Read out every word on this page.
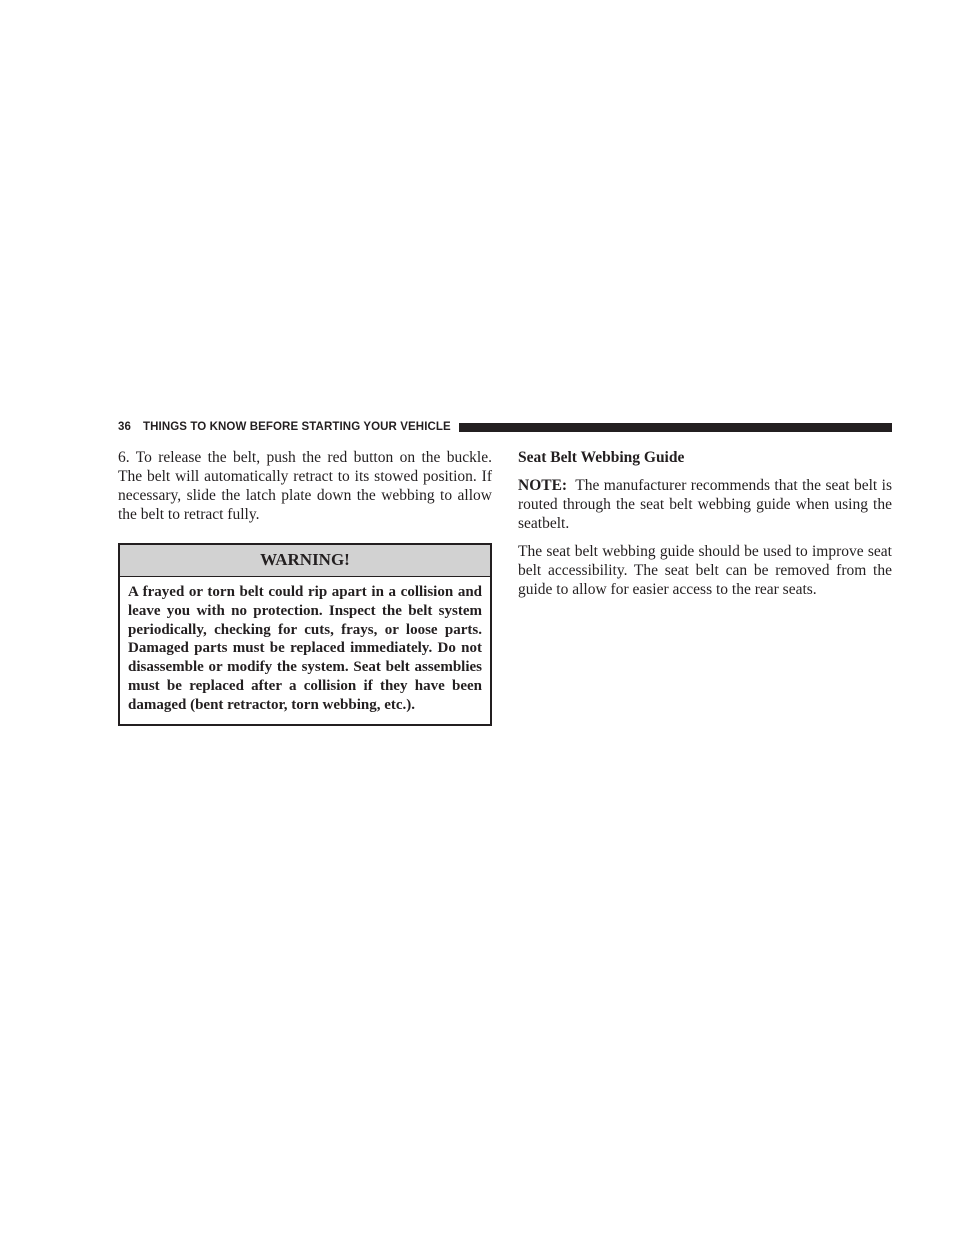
36 THINGS TO KNOW BEFORE STARTING YOUR VEHICLE

6. To release the belt, push the red button on the buckle. The belt will automatically retract to its stowed position. If necessary, slide the latch plate down the webbing to allow the belt to retract fully.

WARNING!
A frayed or torn belt could rip apart in a collision and leave you with no protection. Inspect the belt system periodically, checking for cuts, frays, or loose parts. Damaged parts must be replaced immediately. Do not disassemble or modify the system. Seat belt assemblies must be replaced after a collision if they have been damaged (bent retractor, torn webbing, etc.).
Seat Belt Webbing Guide

NOTE: The manufacturer recommends that the seat belt is routed through the seat belt webbing guide when using the seatbelt.

The seat belt webbing guide should be used to improve seat belt accessibility. The seat belt can be removed from the guide to allow for easier access to the rear seats.
